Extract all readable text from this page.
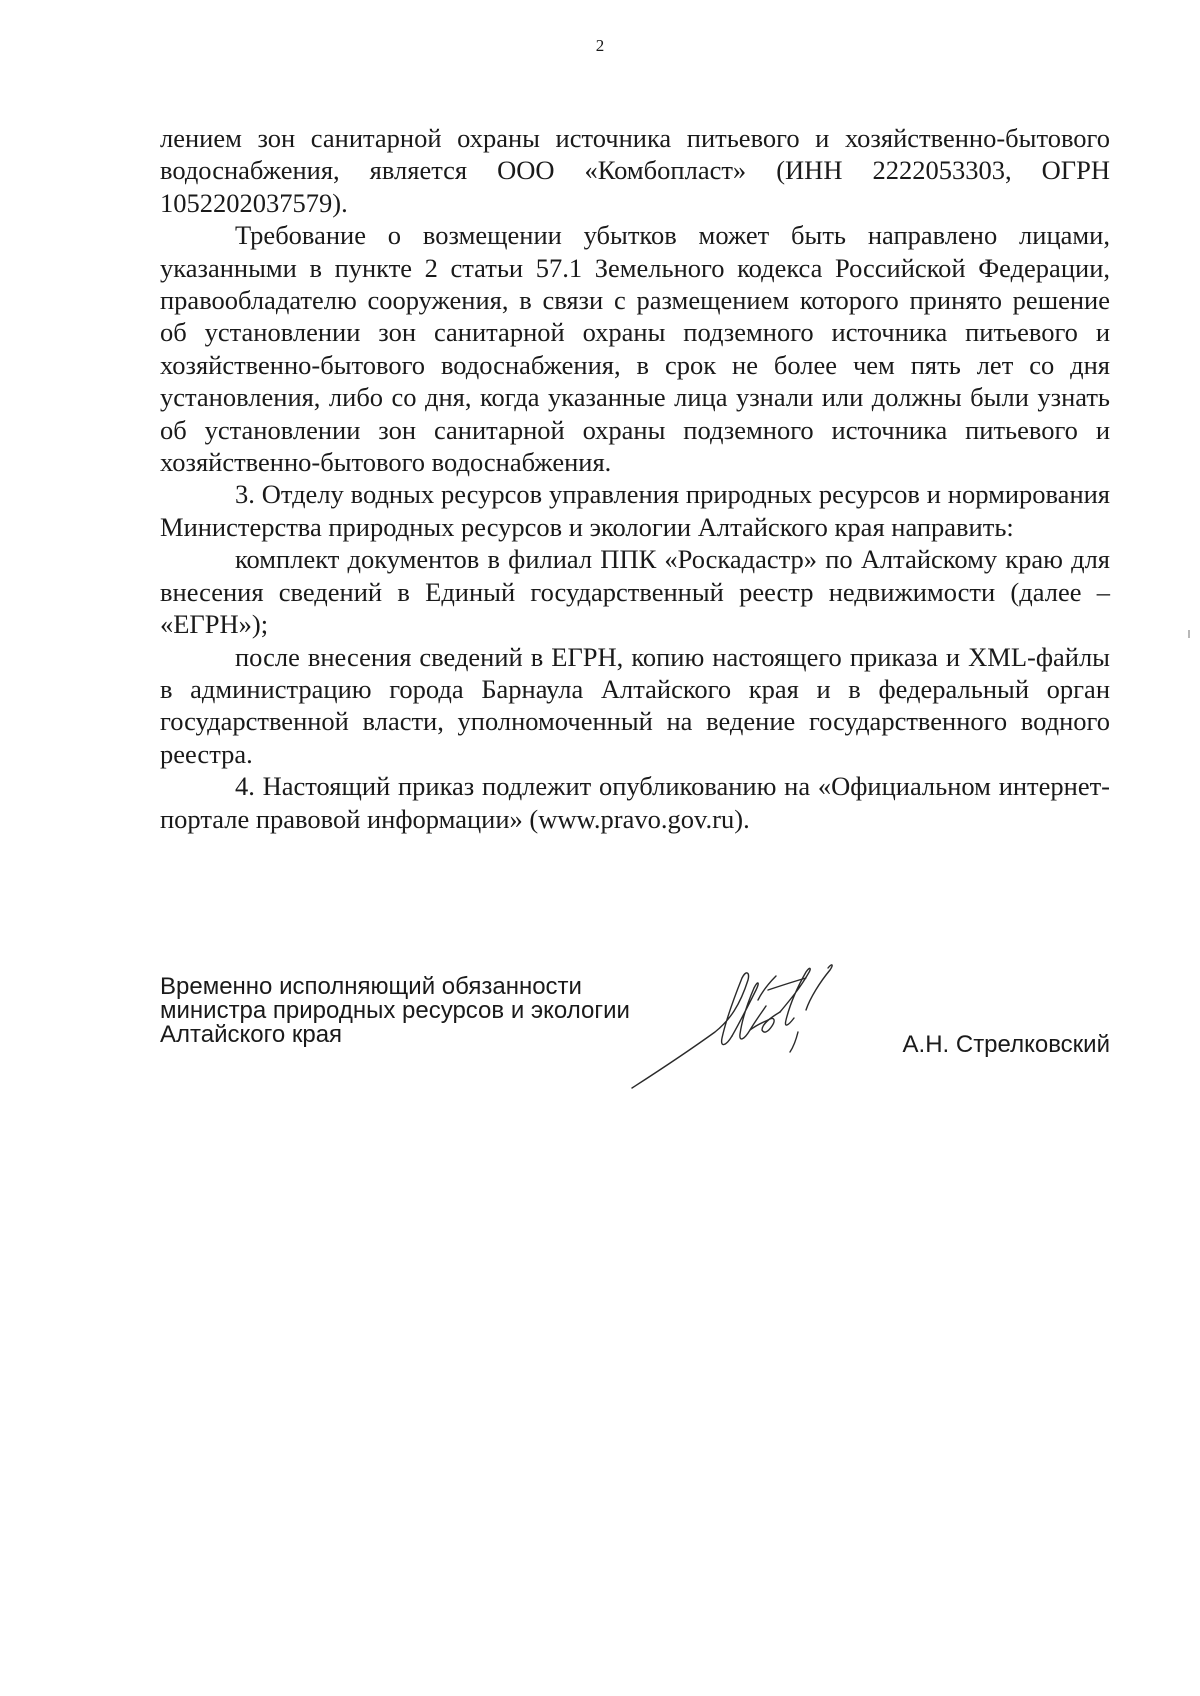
2

лением зон санитарной охраны источника питьевого и хозяйственно-бытового водоснабжения, является ООО «Комбопласт» (ИНН 2222053303, ОГРН 1052202037579).

Требование о возмещении убытков может быть направлено лицами, указанными в пункте 2 статьи 57.1 Земельного кодекса Российской Федерации, правообладателю сооружения, в связи с размещением которого принято решение об установлении зон санитарной охраны подземного источника питьевого и хозяйственно-бытового водоснабжения, в срок не более чем пять лет со дня установления, либо со дня, когда указанные лица узнали или должны были узнать об установлении зон санитарной охраны подземного источника питьевого и хозяйственно-бытового водоснабжения.

3. Отделу водных ресурсов управления природных ресурсов и нормирования Министерства природных ресурсов и экологии Алтайского края направить:

комплект документов в филиал ППК «Роскадастр» по Алтайскому краю для внесения сведений в Единый государственный реестр недвижимости (далее – «ЕГРН»);

после внесения сведений в ЕГРН, копию настоящего приказа и XML-файлы в администрацию города Барнаула Алтайского края и в федеральный орган государственной власти, уполномоченный на ведение государственного водного реестра.

4. Настоящий приказ подлежит опубликованию на «Официальном интернет-портале правовой информации» (www.pravo.gov.ru).

Временно исполняющий обязанности
министра природных ресурсов и экологии
Алтайского края	А.Н. Стрелковский
